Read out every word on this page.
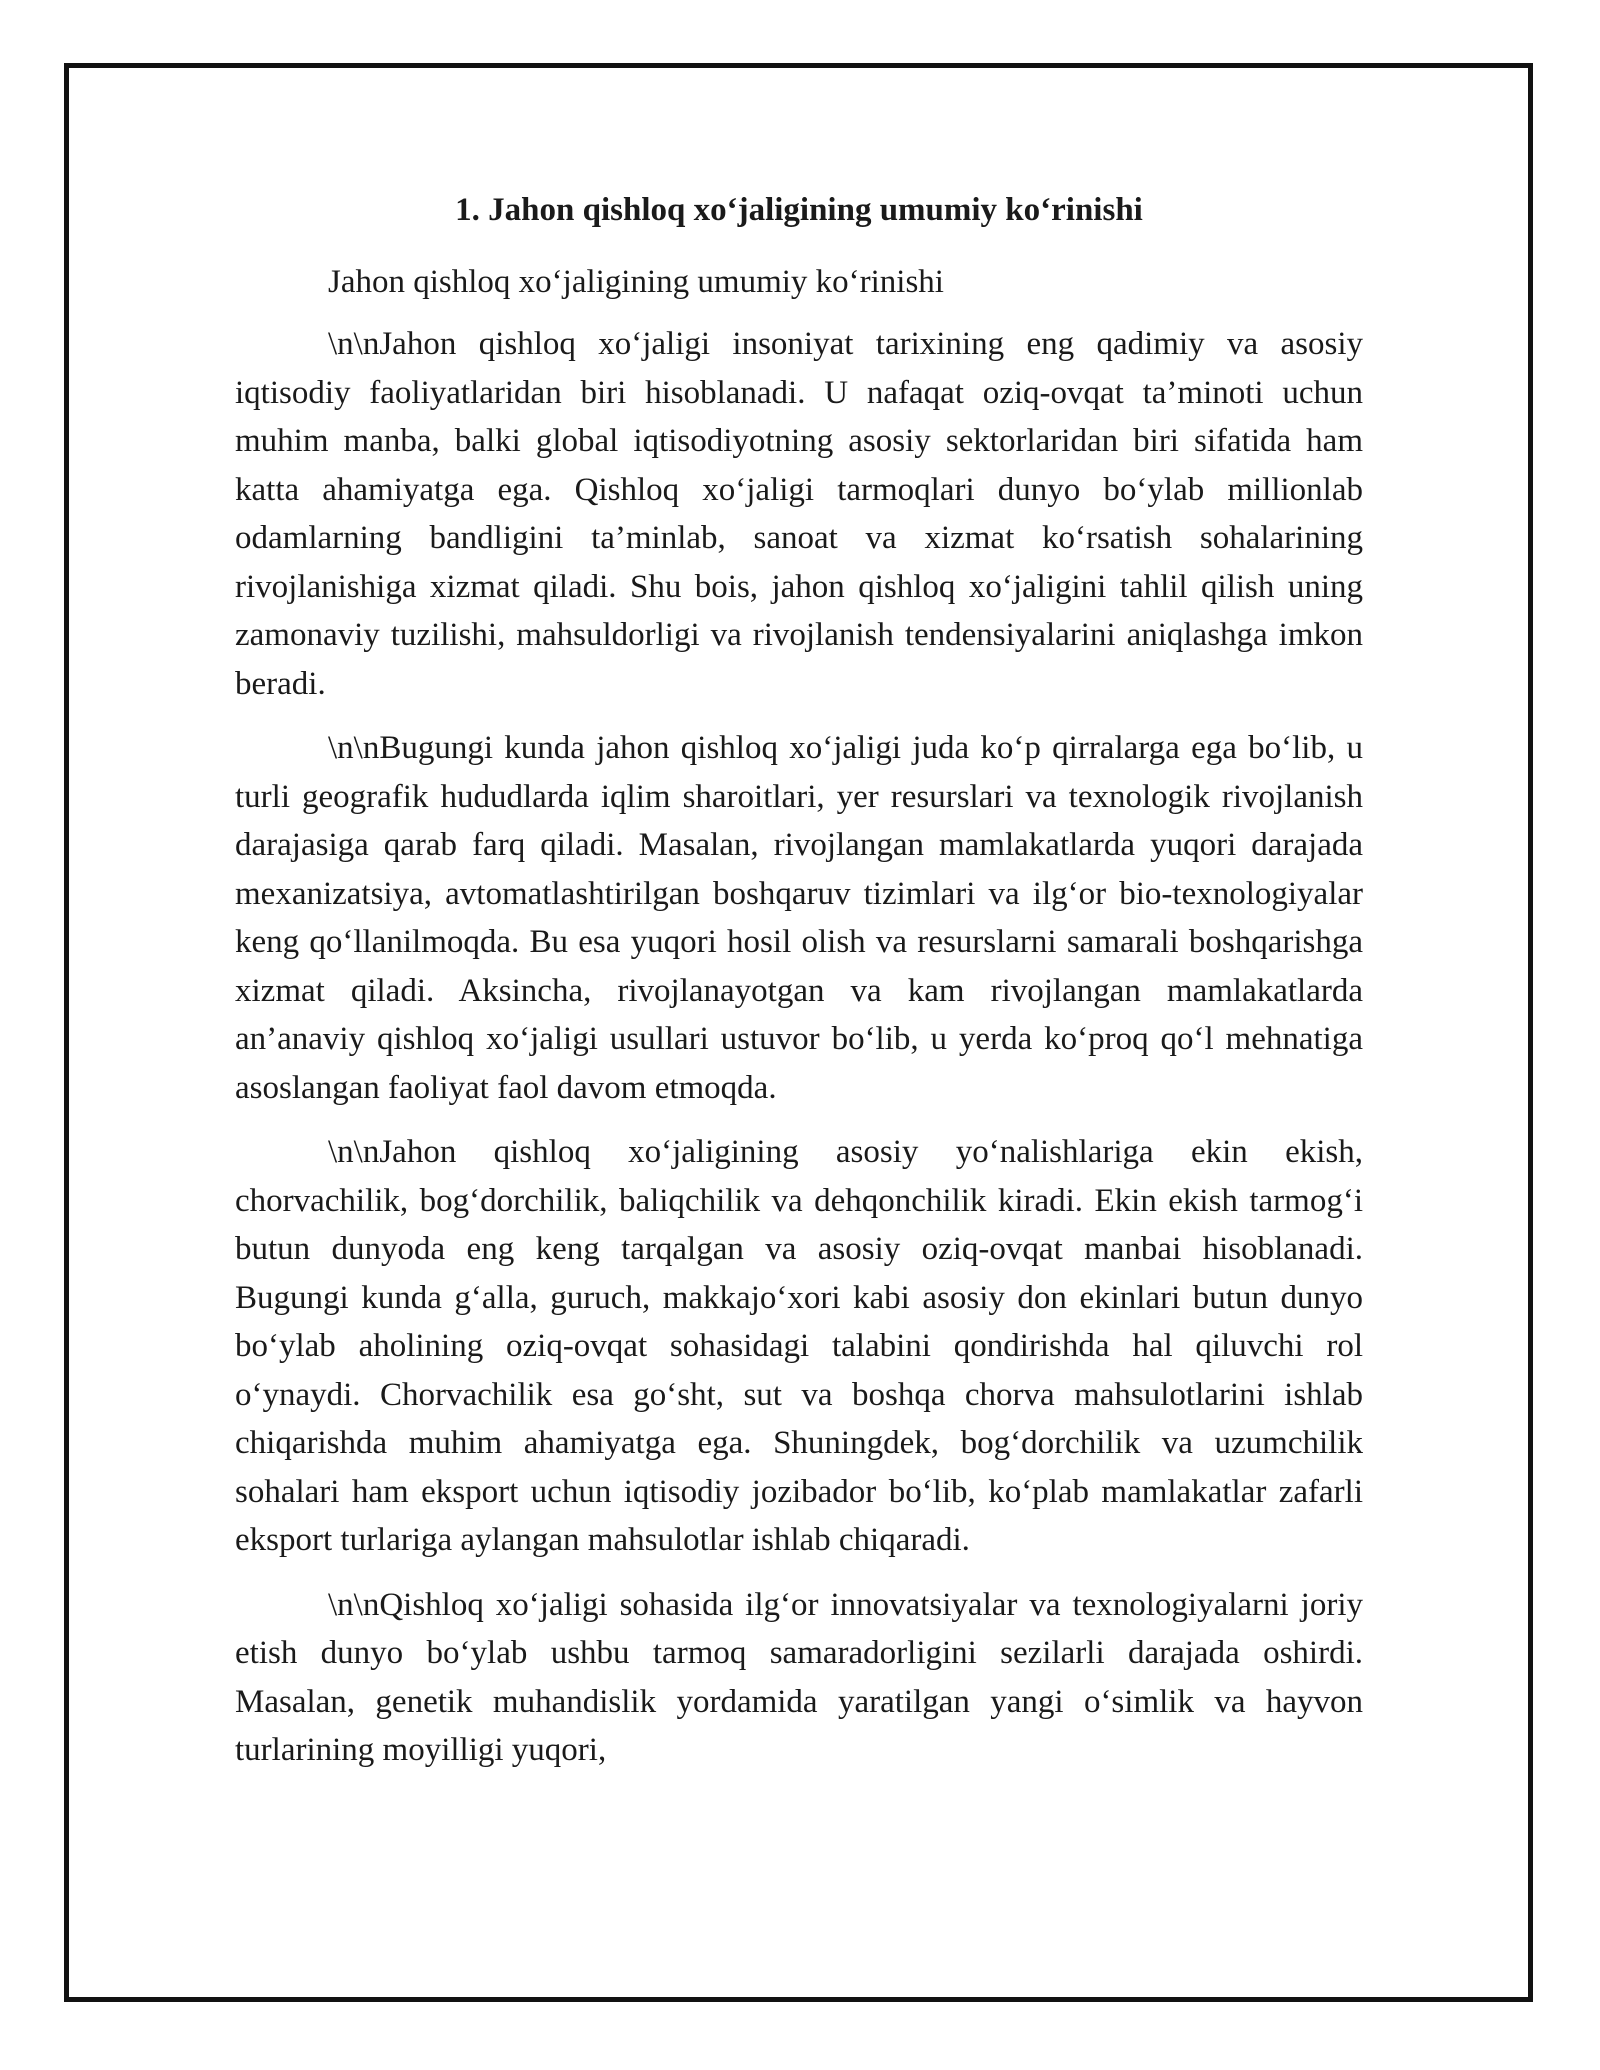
1. Jahon qishloq xo‘jaligining umumiy ko‘rinishi

Jahon qishloq xo‘jaligining umumiy ko‘rinishi

\n\nJahon qishloq xo‘jaligi insoniyat tarixining eng qadimiy va asosiy iqtisodiy faoliyatlaridan biri hisoblanadi. U nafaqat oziq-ovqat ta’minoti uchun muhim manba, balki global iqtisodiyotning asosiy sektorlaridan biri sifatida ham katta ahamiyatga ega. Qishloq xo‘jaligi tarmoqlari dunyo bo‘ylab millionlab odamlarning bandligini ta’minlab, sanoat va xizmat ko‘rsatish sohalarining rivojlanishiga xizmat qiladi. Shu bois, jahon qishloq xo‘jaligini tahlil qilish uning zamonaviy tuzilishi, mahsuldorligi va rivojlanish tendensiyalarini aniqlashga imkon beradi.

\n\nBugungi kunda jahon qishloq xo‘jaligi juda ko‘p qirralarga ega bo‘lib, u turli geografik hududlarda iqlim sharoitlari, yer resurslari va texnologik rivojlanish darajasiga qarab farq qiladi. Masalan, rivojlangan mamlakatlarda yuqori darajada mexanizatsiya, avtomatlashtirilgan boshqaruv tizimlari va ilg‘or bio-texnologiyalar keng qo‘llanilmoqda. Bu esa yuqori hosil olish va resurslarni samarali boshqarishga xizmat qiladi. Aksincha, rivojlanayotgan va kam rivojlangan mamlakatlarda an’anaviy qishloq xo‘jaligi usullari ustuvor bo‘lib, u yerda ko‘proq qo‘l mehnatiga asoslangan faoliyat faol davom etmoqda.

\n\nJahon qishloq xo‘jaligining asosiy yo‘nalishlariga ekin ekish, chorvachilik, bog‘dorchilik, baliqchilik va dehqonchilik kiradi. Ekin ekish tarmog‘i butun dunyoda eng keng tarqalgan va asosiy oziq-ovqat manbai hisoblanadi. Bugungi kunda g‘alla, guruch, makkajo‘xori kabi asosiy don ekinlari butun dunyo bo‘ylab aholining oziq-ovqat sohasidagi talabini qondirishda hal qiluvchi rol o‘ynaydi. Chorvachilik esa go‘sht, sut va boshqa chorva mahsulotlarini ishlab chiqarishda muhim ahamiyatga ega. Shuningdek, bog‘dorchilik va uzumchilik sohalari ham eksport uchun iqtisodiy jozibador bo‘lib, ko‘plab mamlakatlar zafarli eksport turlariga aylangan mahsulotlar ishlab chiqaradi.

\n\nQishloq xo‘jaligi sohasida ilg‘or innovatsiyalar va texnologiyalarni joriy etish dunyo bo‘ylab ushbu tarmoq samaradorligini sezilarli darajada oshirdi. Masalan, genetik muhandislik yordamida yaratilgan yangi o‘simlik va hayvon turlarining moyilligi yuqori,
